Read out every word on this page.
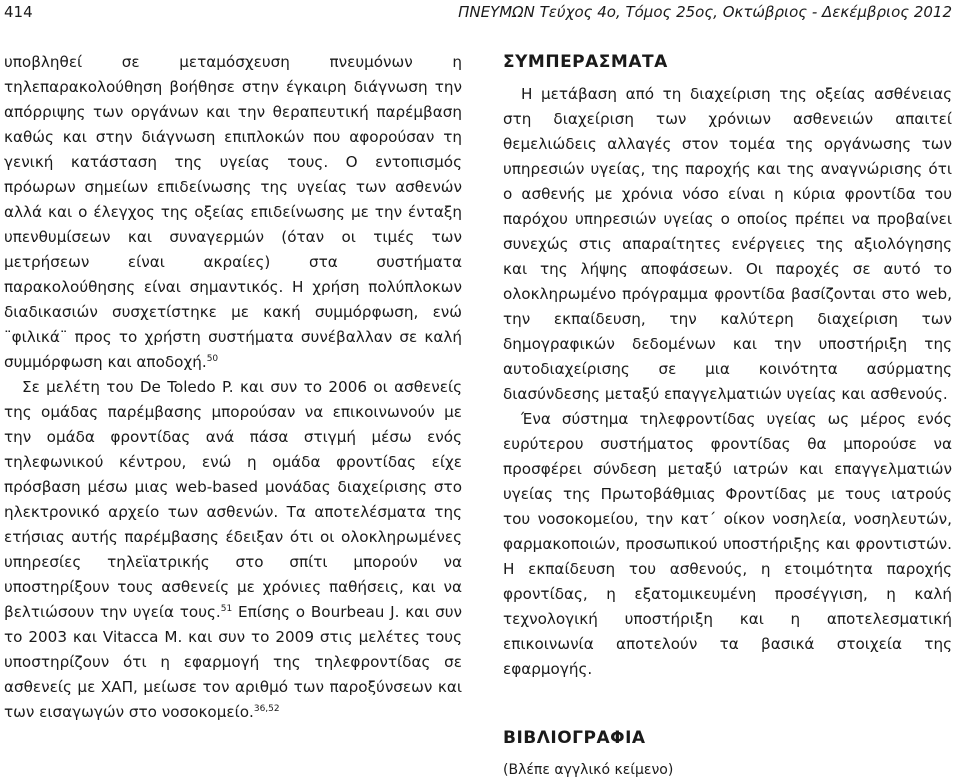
414	ΠΝΕΥΜΩΝ Τεύχος 4ο, Τόμος 25ος, Οκτώβριος - Δεκέμβριος 2012

υποβληθεί σε μεταμόσχευση πνευμόνων η τηλεπαρακολούθηση βοήθησε στην έγκαιρη διάγνωση την απόρριψης των οργάνων και την θεραπευτική παρέμβαση καθώς και στην διάγνωση επιπλοκών που αφορούσαν τη γενική κατάσταση της υγείας τους. Ο εντοπισμός πρόωρων σημείων επιδείνωσης της υγείας των ασθενών αλλά και ο έλεγχος της οξείας επιδείνωσης με την ένταξη υπενθυμίσεων και συναγερμών (όταν οι τιμές των μετρήσεων είναι ακραίες) στα συστήματα παρακολούθησης είναι σημαντικός. Η χρήση πολύπλοκων διαδικασιών συσχετίστηκε με κακή συμμόρφωση, ενώ ¨φιλικά¨ προς το χρήστη συστήματα συνέβαλλαν σε καλή συμμόρφωση και αποδοχή.$^{50}$

Σε μελέτη του De Toledo P. και συν το 2006 οι ασθενείς της ομάδας παρέμβασης μπορούσαν να επικοινωνούν με την ομάδα φροντίδας ανά πάσα στιγμή μέσω ενός τηλεφωνικού κέντρου, ενώ η ομάδα φροντίδας είχε πρόσβαση μέσω μιας web-based μονάδας διαχείρισης στο ηλεκτρονικό αρχείο των ασθενών. Τα αποτελέσματα της ετήσιας αυτής παρέμβασης έδειξαν ότι οι ολοκληρωμένες υπηρεσίες τηλεϊατρικής στο σπίτι μπορούν να υποστηρίξουν τους ασθενείς με χρόνιες παθήσεις, και να βελτιώσουν την υγεία τους.$^{51}$ Επίσης ο Bourbeau J. και συν το 2003 και Vitacca M. και συν το 2009 στις μελέτες τους υποστηρίζουν ότι η εφαρμογή της τηλεφροντίδας σε ασθενείς με ΧΑΠ, μείωσε τον αριθμό των παροξύνσεων και των εισαγωγών στο νοσοκομείο.$^{36,52}$

ΣΥΜΠΕΡΑΣΜΑΤΑ

Η μετάβαση από τη διαχείριση της οξείας ασθένειας στη διαχείριση των χρόνιων ασθενειών απαιτεί θεμελιώδεις αλλαγές στον τομέα της οργάνωσης των υπηρεσιών υγείας, της παροχής και της αναγνώρισης ότι ο ασθενής με χρόνια νόσο είναι η κύρια φροντίδα του παρόχου υπηρεσιών υγείας ο οποίος πρέπει να προβαίνει συνεχώς στις απαραίτητες ενέργειες της αξιολόγησης και της λήψης αποφάσεων. Οι παροχές σε αυτό το ολοκληρωμένο πρόγραμμα φροντίδα βασίζονται στο web, την εκπαίδευση, την καλύτερη διαχείριση των δημογραφικών δεδομένων και την υποστήριξη της αυτοδιαχείρισης σε μια κοινότητα ασύρματης διασύνδεσης μεταξύ επαγγελματιών υγείας και ασθενούς.

Ένα σύστημα τηλεφροντίδας υγείας ως μέρος ενός ευρύτερου συστήματος φροντίδας θα μπορούσε να προσφέρει σύνδεση μεταξύ ιατρών και επαγγελματιών υγείας της Πρωτοβάθμιας Φροντίδας με τους ιατρούς του νοσοκομείου, την κατ΄ οίκον νοσηλεία, νοσηλευτών, φαρμακοποιών, προσωπικού υποστήριξης και φροντιστών. Η εκπαίδευση του ασθενούς, η ετοιμότητα παροχής φροντίδας, η εξατομικευμένη προσέγγιση, η καλή τεχνολογική υποστήριξη και η αποτελεσματική επικοινωνία αποτελούν τα βασικά στοιχεία της εφαρμογής.

ΒΙΒΛΙΟΓΡΑΦΙΑ
(Βλέπε αγγλικό κείμενο)
